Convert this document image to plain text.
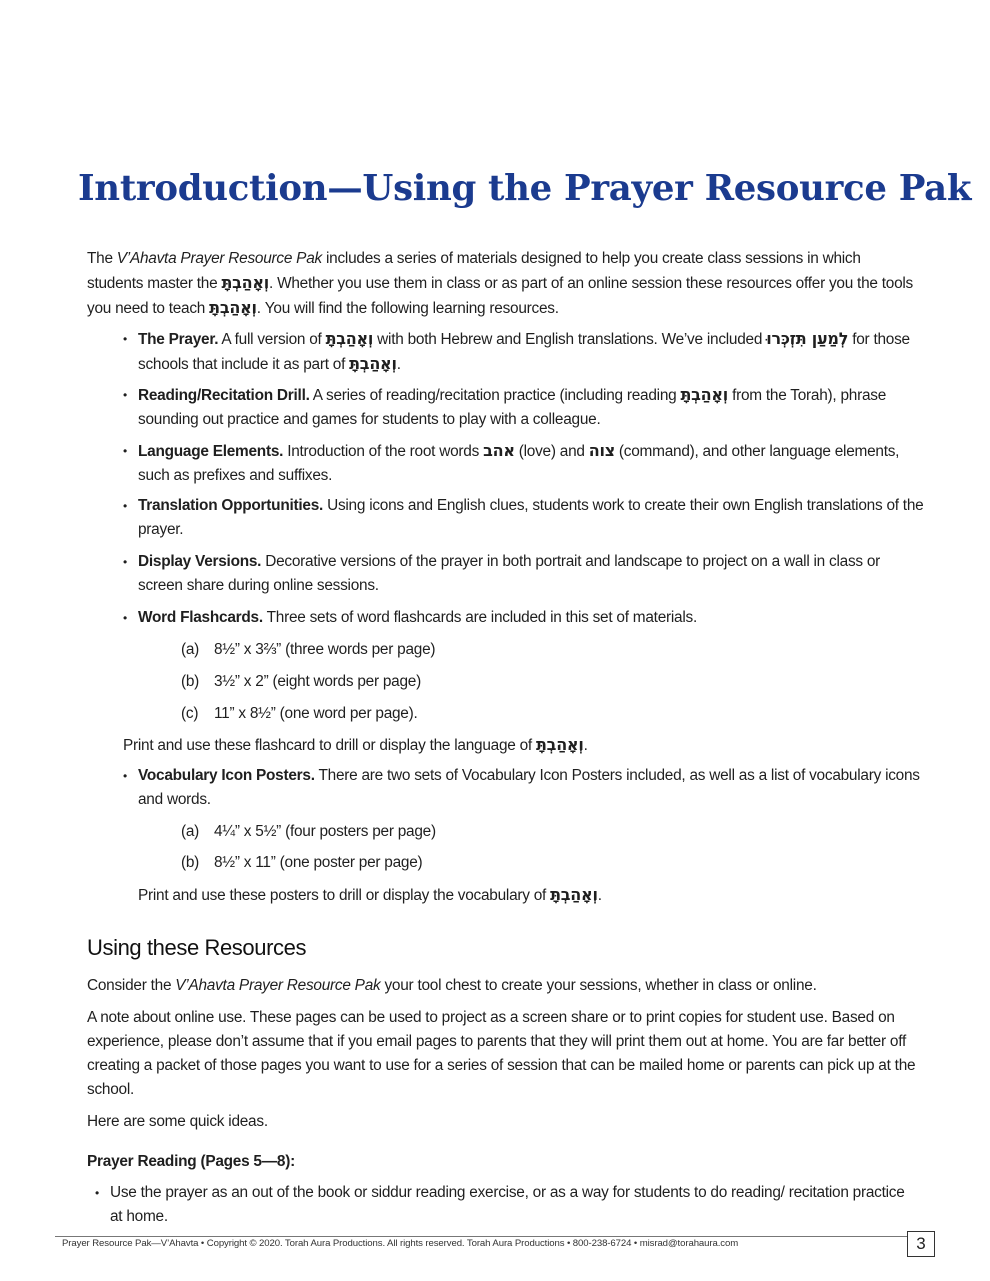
Introduction—Using the Prayer Resource Pak

The V’Ahavta Prayer Resource Pak includes a series of materials designed to help you create class sessions in which students master the וְאָהַבְתָּ. Whether you use them in class or as part of an online session these resources offer you the tools you need to teach וְאָהַבְתָּ. You will find the following learning resources.

• The Prayer. A full version of וְאָהַבְתָּ with both Hebrew and English translations. We’ve included לְמַעַן תִּזְכְּרוּ for those schools that include it as part of וְאָהַבְתָּ.
• Reading/Recitation Drill. A series of reading/recitation practice (including reading וְאָהַבְתָּ from the Torah), phrase sounding out practice and games for students to play with a colleague.
• Language Elements. Introduction of the root words אהב (love) and צוה (command), and other language elements, such as prefixes and suffixes.
• Translation Opportunities. Using icons and English clues, students work to create their own English translations of the prayer.
• Display Versions. Decorative versions of the prayer in both portrait and landscape to project on a wall in class or screen share during online sessions.
• Word Flashcards. Three sets of word flashcards are included in this set of materials.
(a) 8½” x 3⅔” (three words per page)
(b) 3½” x 2” (eight words per page)
(c) 11” x 8½” (one word per page).
Print and use these flashcard to drill or display the language of וְאָהַבְתָּ.
• Vocabulary Icon Posters. There are two sets of Vocabulary Icon Posters included, as well as a list of vocabulary icons and words.
(a) 4¼” x 5½” (four posters per page)
(b) 8½” x 11” (one poster per page)
Print and use these posters to drill or display the vocabulary of וְאָהַבְתָּ.
Using these Resources

Consider the V’Ahavta Prayer Resource Pak your tool chest to create your sessions, whether in class or online.

A note about online use. These pages can be used to project as a screen share or to print copies for student use. Based on experience, please don’t assume that if you email pages to parents that they will print them out at home. You are far better off creating a packet of those pages you want to use for a series of session that can be mailed home or parents can pick up at the school.

Here are some quick ideas.

Prayer Reading (Pages 5—8):
• Use the prayer as an out of the book or siddur reading exercise, or as a way for students to do reading/ recitation practice at home.
Prayer Resource Pak—V’Ahavta • Copyright © 2020. Torah Aura Productions. All rights reserved. Torah Aura Productions • 800-238-6724 • misrad@torahaura.com	3
